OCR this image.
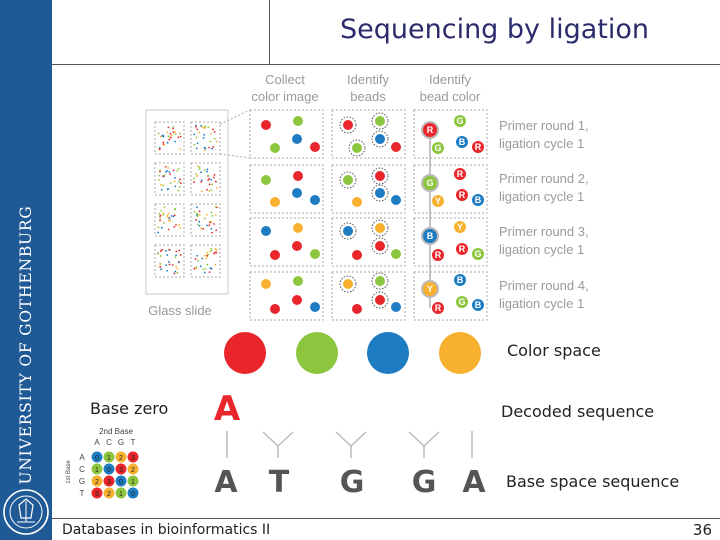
UNIVERSITY OF GOTHENBURG
Sequencing by ligation
Collect
color image
Identify
beads
Identify
bead color
Glass slide
R
G
G
B R
G
R
Y
R B
B
Y
R
R G
Y
B
R
G B
Primer round 1,
ligation cycle 1
Primer round 2,
ligation cycle 1
Primer round 3,
ligation cycle 1
Primer round 4,
ligation cycle 1
A
A T G G A
2nd Base
1st Base
A C G T
A
C
G
T
0 1 2 3
1 0 3 2
2 3 0 1
3 2 1 0
Color space
Base zero	Decoded sequence
Base space sequence
Databases in bioinformatics II	36
